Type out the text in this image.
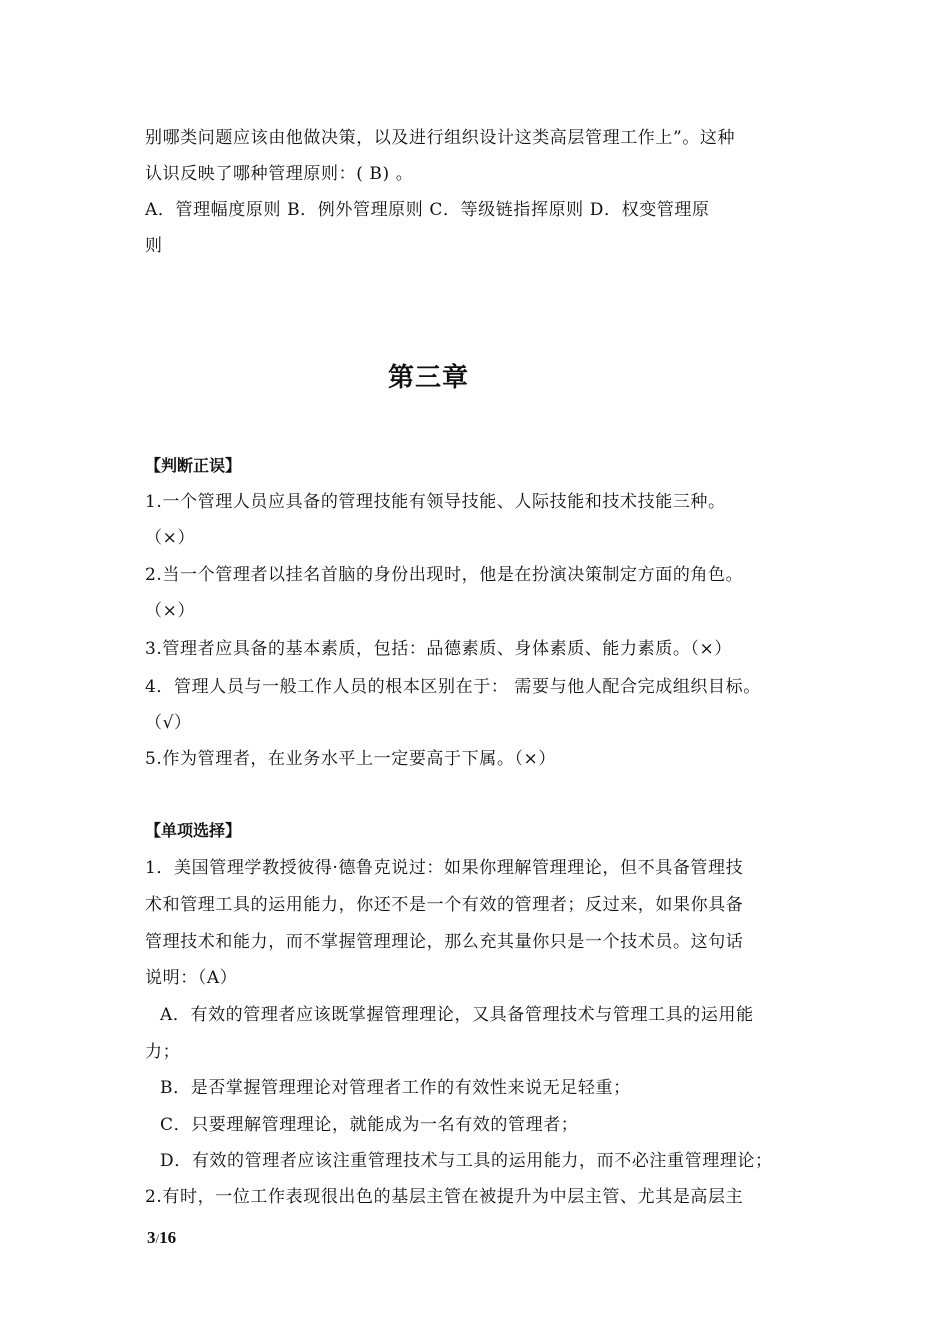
别哪类问题应该由他做决策，以及进行组织设计这类高层管理工作上”。这种
认识反映了哪种管理原则：( B) 。
A．管理幅度原则 B．例外管理原则 C．等级链指挥原则 D．权变管理原
则
第三章
【判断正误】
1.一个管理人员应具备的管理技能有领导技能、人际技能和技术技能三种。
（×）
2.当一个管理者以挂名首脑的身份出现时，他是在扮演决策制定方面的角色。
（×）
3.管理者应具备的基本素质，包括：品德素质、身体素质、能力素质。（×）
4．管理人员与一般工作人员的根本区别在于： 需要与他人配合完成组织目标。
（√）
5.作为管理者，在业务水平上一定要高于下属。（×）
【单项选择】
1．美国管理学教授彼得·德鲁克说过：如果你理解管理理论，但不具备管理技
术和管理工具的运用能力，你还不是一个有效的管理者；反过来，如果你具备
管理技术和能力，而不掌握管理理论，那么充其量你只是一个技术员。这句话
说明：（A）
A．有效的管理者应该既掌握管理理论，又具备管理技术与管理工具的运用能
力；
B．是否掌握管理理论对管理者工作的有效性来说无足轻重；
C．只要理解管理理论，就能成为一名有效的管理者；
D．有效的管理者应该注重管理技术与工具的运用能力，而不必注重管理理论；
2.有时，一位工作表现很出色的基层主管在被提升为中层主管、尤其是高层主
3/16
